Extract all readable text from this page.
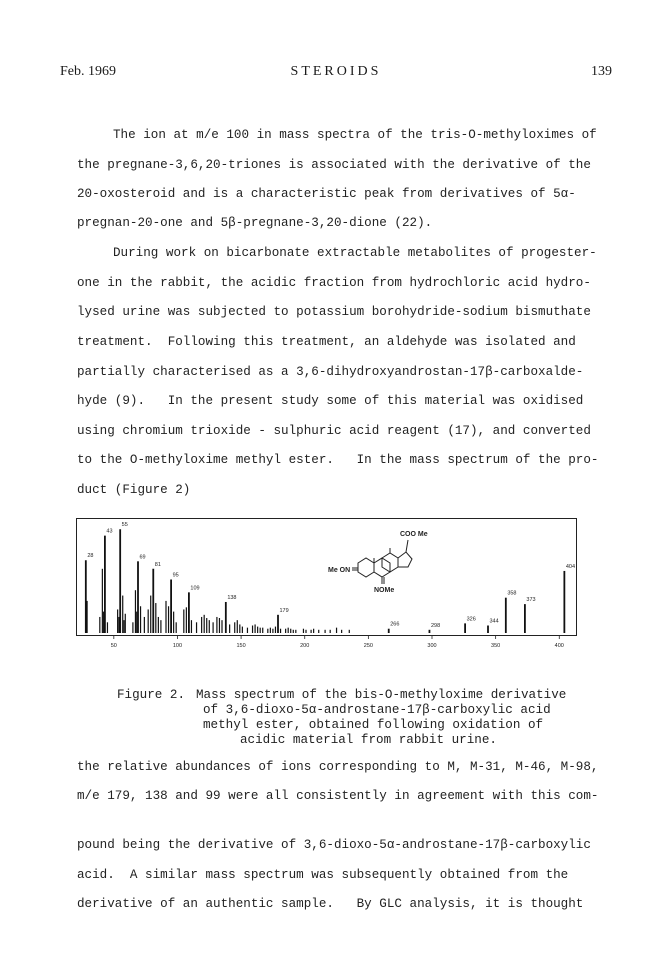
Feb. 1969	STEROIDS	139
The ion at m/e 100 in mass spectra of the tris-O-methyloximes of
the pregnane-3,6,20-triones is associated with the derivative of the
20-oxosteroid and is a characteristic peak from derivatives of 5α-
pregnan-20-one and 5β-pregnane-3,20-dione (22).
During work on bicarbonate extractable metabolites of progester-
one in the rabbit, the acidic fraction from hydrochloric acid hydro-
lysed urine was subjected to potassium borohydride-sodium bismuthate
treatment.  Following this treatment, an aldehyde was isolated and
partially characterised as a 3,6-dihydroxyandrostan-17β-carboxalde-
hyde (9).   In the present study some of this material was oxidised
using chromium trioxide - sulphuric acid reagent (17), and converted
to the O-methyloxime methyl ester.   In the mass spectrum of the pro-
duct (Figure 2)
28
43
55
69
81
95
109
138
179
266	298
326 344
358
373
404
50	100	150	200	250	300	350	400
COO Me
Me ON
NOMe
Figure 2. Mass spectrum of the bis-O-methyloxime derivative
of 3,6-dioxo-5α-androstane-17β-carboxylic acid
methyl ester, obtained following oxidation of
acidic material from rabbit urine.
the relative abundances of ions corresponding to M, M-31, M-46, M-98,
m/e 179, 138 and 99 were all consistently in agreement with this com-
pound being the derivative of 3,6-dioxo-5α-androstane-17β-carboxylic
acid.  A similar mass spectrum was subsequently obtained from the
derivative of an authentic sample.   By GLC analysis, it is thought
